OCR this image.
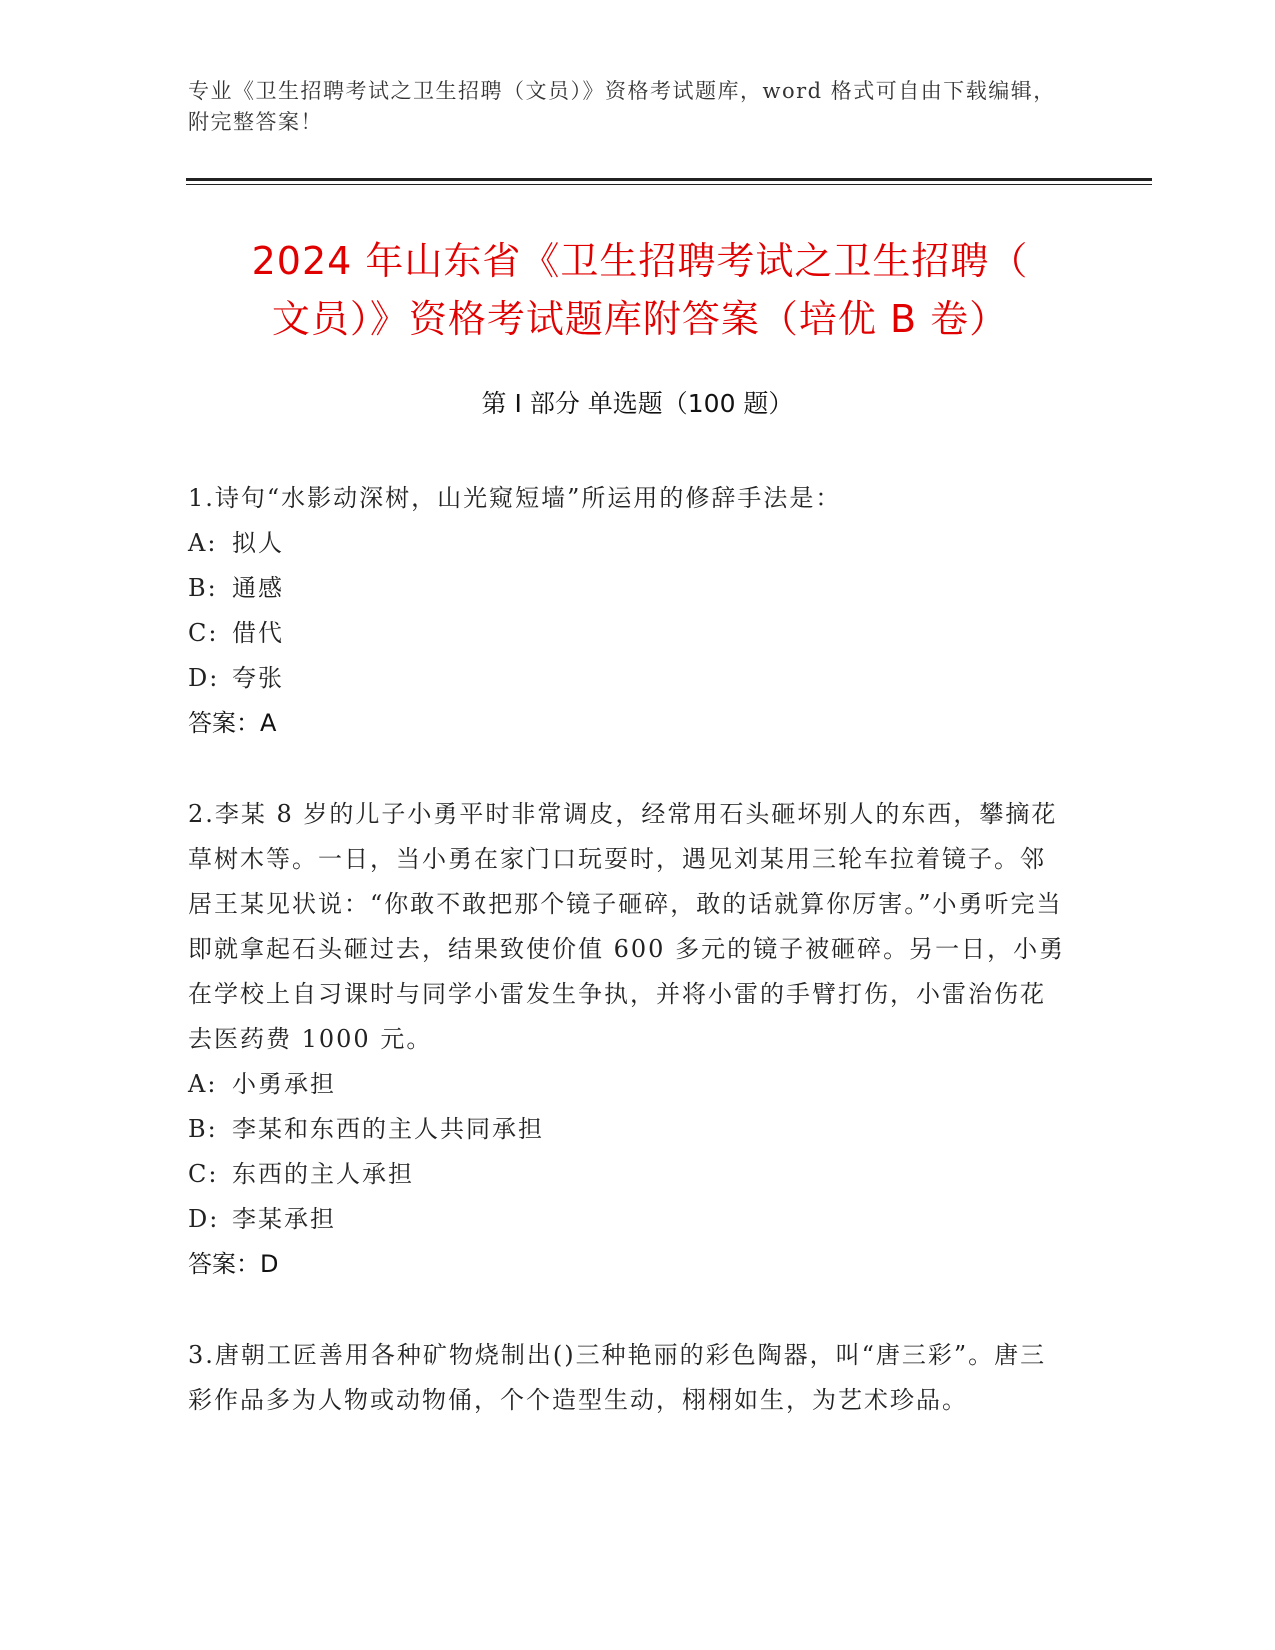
专业《卫生招聘考试之卫生招聘（文员）》资格考试题库，word 格式可自由下载编辑，附完整答案！
2024 年山东省《卫生招聘考试之卫生招聘（
文员）》资格考试题库附答案（培优 B 卷）
第 I 部分 单选题（100 题）
1.诗句“水影动深树，山光窥短墙”所运用的修辞手法是：
A: 拟人
B: 通感
C: 借代
D: 夸张
答案：A
2.李某 8 岁的儿子小勇平时非常调皮，经常用石头砸坏别人的东西，攀摘花草树木等。一日，当小勇在家门口玩耍时，遇见刘某用三轮车拉着镜子。邻居王某见状说：“你敢不敢把那个镜子砸碎，敢的话就算你厉害。”小勇听完当即就拿起石头砸过去，结果致使价值 600 多元的镜子被砸碎。另一日，小勇在学校上自习课时与同学小雷发生争执，并将小雷的手臂打伤，小雷治伤花去医药费 1000 元。
A: 小勇承担
B: 李某和东西的主人共同承担
C: 东西的主人承担
D: 李某承担
答案：D
3.唐朝工匠善用各种矿物烧制出()三种艳丽的彩色陶器，叫“唐三彩”。唐三彩作品多为人物或动物俑，个个造型生动，栩栩如生，为艺术珍品。
